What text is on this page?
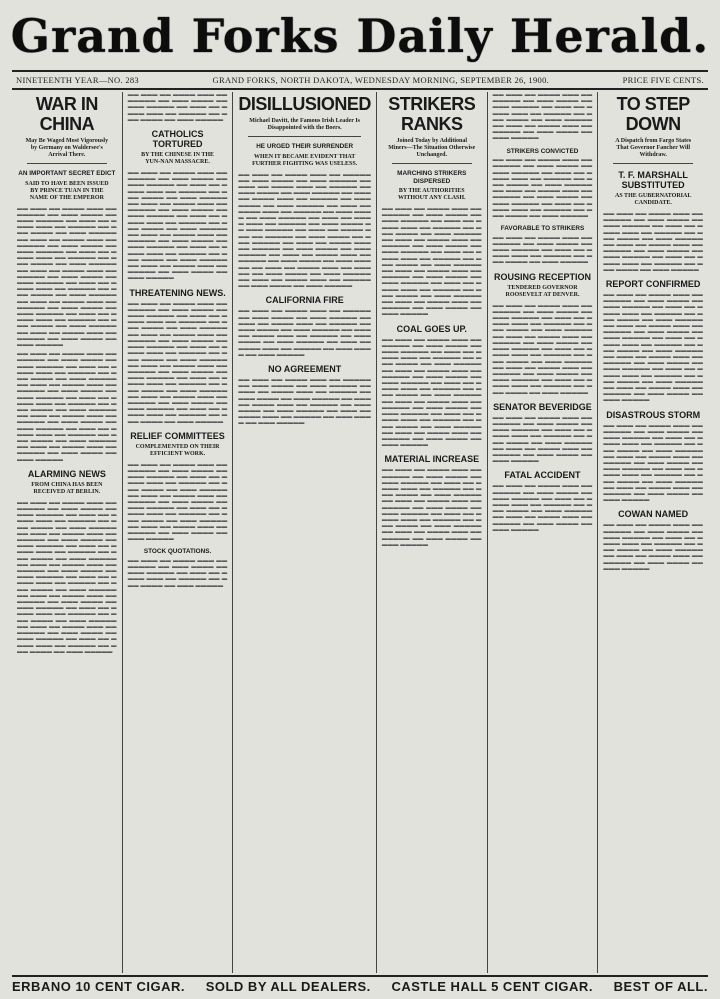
Grand Forks Daily Herald.
NINETEENTH YEAR—NO. 283	GRAND FORKS, NORTH DAKOTA, WEDNESDAY MORNING, SEPTEMBER 26, 1900.	PRICE FIVE CENTS.
WAR IN CHINA
May Be Waged Most Vigorously by Germany on Waldersee's Arrival There.
AN IMPORTANT SECRET EDICT
SAID TO HAVE BEEN ISSUED BY PRINCE TUAN IN THE NAME OF THE EMPEROR
▬▬ ▬▬▬ ▬▬ ▬▬▬▬ ▬▬▬ ▬▬ ▬▬▬▬▬ ▬▬ ▬▬▬ ▬▬▬▬ ▬▬ ▬▬▬ ▬▬▬▬▬ ▬▬ ▬▬▬ ▬▬ ▬▬▬▬ ▬▬▬ ▬▬ ▬▬▬▬▬ ▬▬ ▬▬▬ ▬▬▬▬ ▬▬ ▬▬▬ ▬▬▬▬▬ ▬▬ ▬▬▬ ▬▬ ▬▬▬▬ ▬▬▬ ▬▬ ▬▬▬▬▬ ▬▬ ▬▬▬ ▬▬▬▬ ▬▬ ▬▬▬ ▬▬▬▬▬ ▬▬ ▬▬▬ ▬▬ ▬▬▬▬ ▬▬▬ ▬▬ ▬▬▬▬▬ ▬▬ ▬▬▬ ▬▬▬▬ ▬▬ ▬▬▬ ▬▬▬▬▬ ▬▬ ▬▬▬ ▬▬ ▬▬▬▬ ▬▬▬ ▬▬ ▬▬▬▬▬ ▬▬ ▬▬▬ ▬▬▬▬ ▬▬ ▬▬▬ ▬▬▬▬▬ ▬▬ ▬▬▬ ▬▬ ▬▬▬▬ ▬▬▬ ▬▬ ▬▬▬▬▬ ▬▬ ▬▬▬ ▬▬▬▬ ▬▬ ▬▬▬ ▬▬▬▬▬ ▬▬ ▬▬▬ ▬▬ ▬▬▬▬ ▬▬▬ ▬▬ ▬▬▬▬▬ ▬▬ ▬▬▬ ▬▬▬▬ ▬▬ ▬▬▬ ▬▬▬▬▬ ▬▬ ▬▬▬ ▬▬ ▬▬▬▬ ▬▬▬ ▬▬ ▬▬▬▬▬ ▬▬ ▬▬▬ ▬▬▬▬ ▬▬ ▬▬▬ ▬▬▬▬▬ ▬▬ ▬▬▬ ▬▬ ▬▬▬▬ ▬▬▬ ▬▬ ▬▬▬▬▬ ▬▬ ▬▬▬ ▬▬▬▬ ▬▬ ▬▬▬ ▬▬▬▬▬
▬▬ ▬▬▬ ▬▬ ▬▬▬▬ ▬▬▬ ▬▬ ▬▬▬▬▬ ▬▬ ▬▬▬ ▬▬▬▬ ▬▬ ▬▬▬ ▬▬▬▬▬ ▬▬ ▬▬▬ ▬▬ ▬▬▬▬ ▬▬▬ ▬▬ ▬▬▬▬▬ ▬▬ ▬▬▬ ▬▬▬▬ ▬▬ ▬▬▬ ▬▬▬▬▬ ▬▬ ▬▬▬ ▬▬ ▬▬▬▬ ▬▬▬ ▬▬ ▬▬▬▬▬ ▬▬ ▬▬▬ ▬▬▬▬ ▬▬ ▬▬▬ ▬▬▬▬▬ ▬▬ ▬▬▬ ▬▬ ▬▬▬▬ ▬▬▬ ▬▬ ▬▬▬▬▬ ▬▬ ▬▬▬ ▬▬▬▬ ▬▬ ▬▬▬ ▬▬▬▬▬ ▬▬ ▬▬▬ ▬▬ ▬▬▬▬ ▬▬▬ ▬▬ ▬▬▬▬▬ ▬▬ ▬▬▬ ▬▬▬▬ ▬▬ ▬▬▬ ▬▬▬▬▬ ▬▬ ▬▬▬ ▬▬ ▬▬▬▬ ▬▬▬ ▬▬ ▬▬▬▬▬ ▬▬ ▬▬▬ ▬▬▬▬ ▬▬ ▬▬▬ ▬▬▬▬▬ ▬▬ ▬▬▬ ▬▬ ▬▬▬▬ ▬▬▬ ▬▬ ▬▬▬▬▬ ▬▬ ▬▬▬ ▬▬▬▬ ▬▬ ▬▬▬ ▬▬▬▬▬
ALARMING NEWS
FROM CHINA HAS BEEN RECEIVED AT BERLIN.
▬▬ ▬▬▬ ▬▬ ▬▬▬▬ ▬▬▬ ▬▬ ▬▬▬▬▬ ▬▬ ▬▬▬ ▬▬▬▬ ▬▬ ▬▬▬ ▬▬▬▬▬ ▬▬ ▬▬▬ ▬▬ ▬▬▬▬ ▬▬▬ ▬▬ ▬▬▬▬▬ ▬▬ ▬▬▬ ▬▬▬▬ ▬▬ ▬▬▬ ▬▬▬▬▬ ▬▬ ▬▬▬ ▬▬ ▬▬▬▬ ▬▬▬ ▬▬ ▬▬▬▬▬ ▬▬ ▬▬▬ ▬▬▬▬ ▬▬ ▬▬▬ ▬▬▬▬▬ ▬▬ ▬▬▬ ▬▬ ▬▬▬▬ ▬▬▬ ▬▬ ▬▬▬▬▬ ▬▬ ▬▬▬ ▬▬▬▬ ▬▬ ▬▬▬ ▬▬▬▬▬ ▬▬ ▬▬▬ ▬▬ ▬▬▬▬ ▬▬▬ ▬▬ ▬▬▬▬▬ ▬▬ ▬▬▬ ▬▬▬▬ ▬▬ ▬▬▬ ▬▬▬▬▬ ▬▬ ▬▬▬ ▬▬ ▬▬▬▬ ▬▬▬ ▬▬ ▬▬▬▬▬ ▬▬ ▬▬▬ ▬▬▬▬ ▬▬ ▬▬▬ ▬▬▬▬▬ ▬▬ ▬▬▬ ▬▬ ▬▬▬▬ ▬▬▬ ▬▬ ▬▬▬▬▬ ▬▬ ▬▬▬ ▬▬▬▬ ▬▬ ▬▬▬ ▬▬▬▬▬ ▬▬ ▬▬▬ ▬▬ ▬▬▬▬ ▬▬▬ ▬▬ ▬▬▬▬▬ ▬▬ ▬▬▬ ▬▬▬▬ ▬▬ ▬▬▬ ▬▬▬▬▬ ▬▬ ▬▬▬ ▬▬ ▬▬▬▬ ▬▬▬ ▬▬ ▬▬▬▬▬ ▬▬ ▬▬▬ ▬▬▬▬ ▬▬ ▬▬▬ ▬▬▬▬▬ ▬▬ ▬▬▬ ▬▬ ▬▬▬▬ ▬▬▬ ▬▬ ▬▬▬▬▬ ▬▬ ▬▬▬ ▬▬▬▬ ▬▬ ▬▬▬ ▬▬▬▬▬
▬▬ ▬▬▬ ▬▬ ▬▬▬▬ ▬▬▬ ▬▬ ▬▬▬▬▬ ▬▬ ▬▬▬ ▬▬▬▬ ▬▬ ▬▬▬ ▬▬▬▬▬ ▬▬ ▬▬▬ ▬▬ ▬▬▬▬ ▬▬▬ ▬▬ ▬▬▬▬▬ ▬▬ ▬▬▬ ▬▬▬▬ ▬▬ ▬▬▬ ▬▬▬▬▬
CATHOLICS TORTURED
BY THE CHINESE IN THE YUN-NAN MASSACRE.
▬▬ ▬▬▬ ▬▬ ▬▬▬▬ ▬▬▬ ▬▬ ▬▬▬▬▬ ▬▬ ▬▬▬ ▬▬▬▬ ▬▬ ▬▬▬ ▬▬▬▬▬ ▬▬ ▬▬▬ ▬▬ ▬▬▬▬ ▬▬▬ ▬▬ ▬▬▬▬▬ ▬▬ ▬▬▬ ▬▬▬▬ ▬▬ ▬▬▬ ▬▬▬▬▬ ▬▬ ▬▬▬ ▬▬ ▬▬▬▬ ▬▬▬ ▬▬ ▬▬▬▬▬ ▬▬ ▬▬▬ ▬▬▬▬ ▬▬ ▬▬▬ ▬▬▬▬▬ ▬▬ ▬▬▬ ▬▬ ▬▬▬▬ ▬▬▬ ▬▬ ▬▬▬▬▬ ▬▬ ▬▬▬ ▬▬▬▬ ▬▬ ▬▬▬ ▬▬▬▬▬ ▬▬ ▬▬▬ ▬▬ ▬▬▬▬ ▬▬▬ ▬▬ ▬▬▬▬▬ ▬▬ ▬▬▬ ▬▬▬▬ ▬▬ ▬▬▬ ▬▬▬▬▬ ▬▬ ▬▬▬ ▬▬ ▬▬▬▬ ▬▬▬ ▬▬ ▬▬▬▬▬ ▬▬ ▬▬▬ ▬▬▬▬ ▬▬ ▬▬▬ ▬▬▬▬▬ ▬▬ ▬▬▬ ▬▬ ▬▬▬▬ ▬▬▬ ▬▬ ▬▬▬▬▬ ▬▬ ▬▬▬ ▬▬▬▬ ▬▬ ▬▬▬ ▬▬▬▬▬
THREATENING NEWS.
▬▬ ▬▬▬ ▬▬ ▬▬▬▬ ▬▬▬ ▬▬ ▬▬▬▬▬ ▬▬ ▬▬▬ ▬▬▬▬ ▬▬ ▬▬▬ ▬▬▬▬▬ ▬▬ ▬▬▬ ▬▬ ▬▬▬▬ ▬▬▬ ▬▬ ▬▬▬▬▬ ▬▬ ▬▬▬ ▬▬▬▬ ▬▬ ▬▬▬ ▬▬▬▬▬ ▬▬ ▬▬▬ ▬▬ ▬▬▬▬ ▬▬▬ ▬▬ ▬▬▬▬▬ ▬▬ ▬▬▬ ▬▬▬▬ ▬▬ ▬▬▬ ▬▬▬▬▬ ▬▬ ▬▬▬ ▬▬ ▬▬▬▬ ▬▬▬ ▬▬ ▬▬▬▬▬ ▬▬ ▬▬▬ ▬▬▬▬ ▬▬ ▬▬▬ ▬▬▬▬▬ ▬▬ ▬▬▬ ▬▬ ▬▬▬▬ ▬▬▬ ▬▬ ▬▬▬▬▬ ▬▬ ▬▬▬ ▬▬▬▬ ▬▬ ▬▬▬ ▬▬▬▬▬ ▬▬ ▬▬▬ ▬▬ ▬▬▬▬ ▬▬▬ ▬▬ ▬▬▬▬▬ ▬▬ ▬▬▬ ▬▬▬▬ ▬▬ ▬▬▬ ▬▬▬▬▬ ▬▬ ▬▬▬ ▬▬ ▬▬▬▬ ▬▬▬ ▬▬ ▬▬▬▬▬ ▬▬ ▬▬▬ ▬▬▬▬ ▬▬ ▬▬▬ ▬▬▬▬▬ ▬▬ ▬▬▬ ▬▬ ▬▬▬▬ ▬▬▬ ▬▬ ▬▬▬▬▬ ▬▬ ▬▬▬ ▬▬▬▬ ▬▬ ▬▬▬ ▬▬▬▬▬
RELIEF COMMITTEES
COMPLEMENTED ON THEIR EFFICIENT WORK.
▬▬ ▬▬▬ ▬▬ ▬▬▬▬ ▬▬▬ ▬▬ ▬▬▬▬▬ ▬▬ ▬▬▬ ▬▬▬▬ ▬▬ ▬▬▬ ▬▬▬▬▬ ▬▬ ▬▬▬ ▬▬ ▬▬▬▬ ▬▬▬ ▬▬ ▬▬▬▬▬ ▬▬ ▬▬▬ ▬▬▬▬ ▬▬ ▬▬▬ ▬▬▬▬▬ ▬▬ ▬▬▬ ▬▬ ▬▬▬▬ ▬▬▬ ▬▬ ▬▬▬▬▬ ▬▬ ▬▬▬ ▬▬▬▬ ▬▬ ▬▬▬ ▬▬▬▬▬ ▬▬ ▬▬▬ ▬▬ ▬▬▬▬ ▬▬▬ ▬▬ ▬▬▬▬▬ ▬▬ ▬▬▬ ▬▬▬▬ ▬▬ ▬▬▬ ▬▬▬▬▬ ▬▬ ▬▬▬ ▬▬ ▬▬▬▬ ▬▬▬ ▬▬ ▬▬▬▬▬ ▬▬ ▬▬▬ ▬▬▬▬ ▬▬ ▬▬▬ ▬▬▬▬▬
STOCK QUOTATIONS.
▬▬ ▬▬▬ ▬▬ ▬▬▬▬ ▬▬▬ ▬▬ ▬▬▬▬▬ ▬▬ ▬▬▬ ▬▬▬▬ ▬▬ ▬▬▬ ▬▬▬▬▬ ▬▬ ▬▬▬ ▬▬ ▬▬▬▬ ▬▬▬ ▬▬ ▬▬▬▬▬ ▬▬ ▬▬▬ ▬▬▬▬ ▬▬ ▬▬▬ ▬▬▬▬▬
DISILLUSIONED
Michael Davitt, the Famous Irish Leader Is Disappointed with the Boers.
HE URGED THEIR SURRENDER
WHEN IT BECAME EVIDENT THAT FURTHER FIGHTING WAS USELESS.
▬▬ ▬▬▬ ▬▬ ▬▬▬▬ ▬▬▬ ▬▬ ▬▬▬▬▬ ▬▬ ▬▬▬ ▬▬▬▬ ▬▬ ▬▬▬ ▬▬▬▬▬ ▬▬ ▬▬▬ ▬▬ ▬▬▬▬ ▬▬▬ ▬▬ ▬▬▬▬▬ ▬▬ ▬▬▬ ▬▬▬▬ ▬▬ ▬▬▬ ▬▬▬▬▬ ▬▬ ▬▬▬ ▬▬ ▬▬▬▬ ▬▬▬ ▬▬ ▬▬▬▬▬ ▬▬ ▬▬▬ ▬▬▬▬ ▬▬ ▬▬▬ ▬▬▬▬▬ ▬▬ ▬▬▬ ▬▬ ▬▬▬▬ ▬▬▬ ▬▬ ▬▬▬▬▬ ▬▬ ▬▬▬ ▬▬▬▬ ▬▬ ▬▬▬ ▬▬▬▬▬ ▬▬ ▬▬▬ ▬▬ ▬▬▬▬ ▬▬▬ ▬▬ ▬▬▬▬▬ ▬▬ ▬▬▬ ▬▬▬▬ ▬▬ ▬▬▬ ▬▬▬▬▬ ▬▬ ▬▬▬ ▬▬ ▬▬▬▬ ▬▬▬ ▬▬ ▬▬▬▬▬ ▬▬ ▬▬▬ ▬▬▬▬ ▬▬ ▬▬▬ ▬▬▬▬▬ ▬▬ ▬▬▬ ▬▬ ▬▬▬▬ ▬▬▬ ▬▬ ▬▬▬▬▬ ▬▬ ▬▬▬ ▬▬▬▬ ▬▬ ▬▬▬ ▬▬▬▬▬ ▬▬ ▬▬▬ ▬▬ ▬▬▬▬ ▬▬▬ ▬▬ ▬▬▬▬▬ ▬▬ ▬▬▬ ▬▬▬▬ ▬▬ ▬▬▬ ▬▬▬▬▬ ▬▬ ▬▬▬ ▬▬ ▬▬▬▬ ▬▬▬ ▬▬ ▬▬▬▬▬ ▬▬ ▬▬▬ ▬▬▬▬ ▬▬ ▬▬▬ ▬▬▬▬▬ ▬▬ ▬▬▬ ▬▬ ▬▬▬▬ ▬▬▬ ▬▬ ▬▬▬▬▬ ▬▬ ▬▬▬ ▬▬▬▬ ▬▬ ▬▬▬ ▬▬▬▬▬
CALIFORNIA FIRE
▬▬ ▬▬▬ ▬▬ ▬▬▬▬ ▬▬▬ ▬▬ ▬▬▬▬▬ ▬▬ ▬▬▬ ▬▬▬▬ ▬▬ ▬▬▬ ▬▬▬▬▬ ▬▬ ▬▬▬ ▬▬ ▬▬▬▬ ▬▬▬ ▬▬ ▬▬▬▬▬ ▬▬ ▬▬▬ ▬▬▬▬ ▬▬ ▬▬▬ ▬▬▬▬▬ ▬▬ ▬▬▬ ▬▬ ▬▬▬▬ ▬▬▬ ▬▬ ▬▬▬▬▬ ▬▬ ▬▬▬ ▬▬▬▬ ▬▬ ▬▬▬ ▬▬▬▬▬ ▬▬ ▬▬▬ ▬▬ ▬▬▬▬ ▬▬▬ ▬▬ ▬▬▬▬▬ ▬▬ ▬▬▬ ▬▬▬▬ ▬▬ ▬▬▬ ▬▬▬▬▬
NO AGREEMENT
▬▬ ▬▬▬ ▬▬ ▬▬▬▬ ▬▬▬ ▬▬ ▬▬▬▬▬ ▬▬ ▬▬▬ ▬▬▬▬ ▬▬ ▬▬▬ ▬▬▬▬▬ ▬▬ ▬▬▬ ▬▬ ▬▬▬▬ ▬▬▬ ▬▬ ▬▬▬▬▬ ▬▬ ▬▬▬ ▬▬▬▬ ▬▬ ▬▬▬ ▬▬▬▬▬ ▬▬ ▬▬▬ ▬▬ ▬▬▬▬ ▬▬▬ ▬▬ ▬▬▬▬▬ ▬▬ ▬▬▬ ▬▬▬▬ ▬▬ ▬▬▬ ▬▬▬▬▬ ▬▬ ▬▬▬ ▬▬ ▬▬▬▬ ▬▬▬ ▬▬ ▬▬▬▬▬ ▬▬ ▬▬▬ ▬▬▬▬ ▬▬ ▬▬▬ ▬▬▬▬▬
STRIKERS RANKS
Joined Today by Additional Miners—The Situation Otherwise Unchanged.
MARCHING STRIKERS DISPERSED
BY THE AUTHORITIES WITHOUT ANY CLASH.
▬▬ ▬▬▬ ▬▬ ▬▬▬▬ ▬▬▬ ▬▬ ▬▬▬▬▬ ▬▬ ▬▬▬ ▬▬▬▬ ▬▬ ▬▬▬ ▬▬▬▬▬ ▬▬ ▬▬▬ ▬▬ ▬▬▬▬ ▬▬▬ ▬▬ ▬▬▬▬▬ ▬▬ ▬▬▬ ▬▬▬▬ ▬▬ ▬▬▬ ▬▬▬▬▬ ▬▬ ▬▬▬ ▬▬ ▬▬▬▬ ▬▬▬ ▬▬ ▬▬▬▬▬ ▬▬ ▬▬▬ ▬▬▬▬ ▬▬ ▬▬▬ ▬▬▬▬▬ ▬▬ ▬▬▬ ▬▬ ▬▬▬▬ ▬▬▬ ▬▬ ▬▬▬▬▬ ▬▬ ▬▬▬ ▬▬▬▬ ▬▬ ▬▬▬ ▬▬▬▬▬ ▬▬ ▬▬▬ ▬▬ ▬▬▬▬ ▬▬▬ ▬▬ ▬▬▬▬▬ ▬▬ ▬▬▬ ▬▬▬▬ ▬▬ ▬▬▬ ▬▬▬▬▬ ▬▬ ▬▬▬ ▬▬ ▬▬▬▬ ▬▬▬ ▬▬ ▬▬▬▬▬ ▬▬ ▬▬▬ ▬▬▬▬ ▬▬ ▬▬▬ ▬▬▬▬▬ ▬▬ ▬▬▬ ▬▬ ▬▬▬▬ ▬▬▬ ▬▬ ▬▬▬▬▬ ▬▬ ▬▬▬ ▬▬▬▬ ▬▬ ▬▬▬ ▬▬▬▬▬
COAL GOES UP.
▬▬ ▬▬▬ ▬▬ ▬▬▬▬ ▬▬▬ ▬▬ ▬▬▬▬▬ ▬▬ ▬▬▬ ▬▬▬▬ ▬▬ ▬▬▬ ▬▬▬▬▬ ▬▬ ▬▬▬ ▬▬ ▬▬▬▬ ▬▬▬ ▬▬ ▬▬▬▬▬ ▬▬ ▬▬▬ ▬▬▬▬ ▬▬ ▬▬▬ ▬▬▬▬▬ ▬▬ ▬▬▬ ▬▬ ▬▬▬▬ ▬▬▬ ▬▬ ▬▬▬▬▬ ▬▬ ▬▬▬ ▬▬▬▬ ▬▬ ▬▬▬ ▬▬▬▬▬ ▬▬ ▬▬▬ ▬▬ ▬▬▬▬ ▬▬▬ ▬▬ ▬▬▬▬▬ ▬▬ ▬▬▬ ▬▬▬▬ ▬▬ ▬▬▬ ▬▬▬▬▬ ▬▬ ▬▬▬ ▬▬ ▬▬▬▬ ▬▬▬ ▬▬ ▬▬▬▬▬ ▬▬ ▬▬▬ ▬▬▬▬ ▬▬ ▬▬▬ ▬▬▬▬▬ ▬▬ ▬▬▬ ▬▬ ▬▬▬▬ ▬▬▬ ▬▬ ▬▬▬▬▬ ▬▬ ▬▬▬ ▬▬▬▬ ▬▬ ▬▬▬ ▬▬▬▬▬ ▬▬ ▬▬▬ ▬▬ ▬▬▬▬ ▬▬▬ ▬▬ ▬▬▬▬▬ ▬▬ ▬▬▬ ▬▬▬▬ ▬▬ ▬▬▬ ▬▬▬▬▬
MATERIAL INCREASE
▬▬ ▬▬▬ ▬▬ ▬▬▬▬ ▬▬▬ ▬▬ ▬▬▬▬▬ ▬▬ ▬▬▬ ▬▬▬▬ ▬▬ ▬▬▬ ▬▬▬▬▬ ▬▬ ▬▬▬ ▬▬ ▬▬▬▬ ▬▬▬ ▬▬ ▬▬▬▬▬ ▬▬ ▬▬▬ ▬▬▬▬ ▬▬ ▬▬▬ ▬▬▬▬▬ ▬▬ ▬▬▬ ▬▬ ▬▬▬▬ ▬▬▬ ▬▬ ▬▬▬▬▬ ▬▬ ▬▬▬ ▬▬▬▬ ▬▬ ▬▬▬ ▬▬▬▬▬ ▬▬ ▬▬▬ ▬▬ ▬▬▬▬ ▬▬▬ ▬▬ ▬▬▬▬▬ ▬▬ ▬▬▬ ▬▬▬▬ ▬▬ ▬▬▬ ▬▬▬▬▬ ▬▬ ▬▬▬ ▬▬ ▬▬▬▬ ▬▬▬ ▬▬ ▬▬▬▬▬ ▬▬ ▬▬▬ ▬▬▬▬ ▬▬ ▬▬▬ ▬▬▬▬▬
▬▬ ▬▬▬ ▬▬ ▬▬▬▬ ▬▬▬ ▬▬ ▬▬▬▬▬ ▬▬ ▬▬▬ ▬▬▬▬ ▬▬ ▬▬▬ ▬▬▬▬▬ ▬▬ ▬▬▬ ▬▬ ▬▬▬▬ ▬▬▬ ▬▬ ▬▬▬▬▬ ▬▬ ▬▬▬ ▬▬▬▬ ▬▬ ▬▬▬ ▬▬▬▬▬ ▬▬ ▬▬▬ ▬▬ ▬▬▬▬ ▬▬▬ ▬▬ ▬▬▬▬▬ ▬▬ ▬▬▬ ▬▬▬▬ ▬▬ ▬▬▬ ▬▬▬▬▬
STRIKERS CONVICTED
▬▬ ▬▬▬ ▬▬ ▬▬▬▬ ▬▬▬ ▬▬ ▬▬▬▬▬ ▬▬ ▬▬▬ ▬▬▬▬ ▬▬ ▬▬▬ ▬▬▬▬▬ ▬▬ ▬▬▬ ▬▬ ▬▬▬▬ ▬▬▬ ▬▬ ▬▬▬▬▬ ▬▬ ▬▬▬ ▬▬▬▬ ▬▬ ▬▬▬ ▬▬▬▬▬ ▬▬ ▬▬▬ ▬▬ ▬▬▬▬ ▬▬▬ ▬▬ ▬▬▬▬▬ ▬▬ ▬▬▬ ▬▬▬▬ ▬▬ ▬▬▬ ▬▬▬▬▬ ▬▬ ▬▬▬ ▬▬ ▬▬▬▬ ▬▬▬ ▬▬ ▬▬▬▬▬ ▬▬ ▬▬▬ ▬▬▬▬ ▬▬ ▬▬▬ ▬▬▬▬▬
FAVORABLE TO STRIKERS
▬▬ ▬▬▬ ▬▬ ▬▬▬▬ ▬▬▬ ▬▬ ▬▬▬▬▬ ▬▬ ▬▬▬ ▬▬▬▬ ▬▬ ▬▬▬ ▬▬▬▬▬ ▬▬ ▬▬▬ ▬▬ ▬▬▬▬ ▬▬▬ ▬▬ ▬▬▬▬▬ ▬▬ ▬▬▬ ▬▬▬▬ ▬▬ ▬▬▬ ▬▬▬▬▬
ROUSING RECEPTION
TENDERED GOVERNOR ROOSEVELT AT DENVER.
▬▬ ▬▬▬ ▬▬ ▬▬▬▬ ▬▬▬ ▬▬ ▬▬▬▬▬ ▬▬ ▬▬▬ ▬▬▬▬ ▬▬ ▬▬▬ ▬▬▬▬▬ ▬▬ ▬▬▬ ▬▬ ▬▬▬▬ ▬▬▬ ▬▬ ▬▬▬▬▬ ▬▬ ▬▬▬ ▬▬▬▬ ▬▬ ▬▬▬ ▬▬▬▬▬ ▬▬ ▬▬▬ ▬▬ ▬▬▬▬ ▬▬▬ ▬▬ ▬▬▬▬▬ ▬▬ ▬▬▬ ▬▬▬▬ ▬▬ ▬▬▬ ▬▬▬▬▬ ▬▬ ▬▬▬ ▬▬ ▬▬▬▬ ▬▬▬ ▬▬ ▬▬▬▬▬ ▬▬ ▬▬▬ ▬▬▬▬ ▬▬ ▬▬▬ ▬▬▬▬▬ ▬▬ ▬▬▬ ▬▬ ▬▬▬▬ ▬▬▬ ▬▬ ▬▬▬▬▬ ▬▬ ▬▬▬ ▬▬▬▬ ▬▬ ▬▬▬ ▬▬▬▬▬ ▬▬ ▬▬▬ ▬▬ ▬▬▬▬ ▬▬▬ ▬▬ ▬▬▬▬▬ ▬▬ ▬▬▬ ▬▬▬▬ ▬▬ ▬▬▬ ▬▬▬▬▬
SENATOR BEVERIDGE
▬▬ ▬▬▬ ▬▬ ▬▬▬▬ ▬▬▬ ▬▬ ▬▬▬▬▬ ▬▬ ▬▬▬ ▬▬▬▬ ▬▬ ▬▬▬ ▬▬▬▬▬ ▬▬ ▬▬▬ ▬▬ ▬▬▬▬ ▬▬▬ ▬▬ ▬▬▬▬▬ ▬▬ ▬▬▬ ▬▬▬▬ ▬▬ ▬▬▬ ▬▬▬▬▬ ▬▬ ▬▬▬ ▬▬ ▬▬▬▬ ▬▬▬ ▬▬ ▬▬▬▬▬ ▬▬ ▬▬▬ ▬▬▬▬ ▬▬ ▬▬▬ ▬▬▬▬▬
FATAL ACCIDENT
▬▬ ▬▬▬ ▬▬ ▬▬▬▬ ▬▬▬ ▬▬ ▬▬▬▬▬ ▬▬ ▬▬▬ ▬▬▬▬ ▬▬ ▬▬▬ ▬▬▬▬▬ ▬▬ ▬▬▬ ▬▬ ▬▬▬▬ ▬▬▬ ▬▬ ▬▬▬▬▬ ▬▬ ▬▬▬ ▬▬▬▬ ▬▬ ▬▬▬ ▬▬▬▬▬ ▬▬ ▬▬▬ ▬▬ ▬▬▬▬ ▬▬▬ ▬▬ ▬▬▬▬▬ ▬▬ ▬▬▬ ▬▬▬▬ ▬▬ ▬▬▬ ▬▬▬▬▬
TO STEP DOWN
A Dispatch from Fargo States That Governor Fancher Will Withdraw.
T. F. MARSHALL SUBSTITUTED
AS THE GUBERNATORIAL CANDIDATE.
▬▬ ▬▬▬ ▬▬ ▬▬▬▬ ▬▬▬ ▬▬ ▬▬▬▬▬ ▬▬ ▬▬▬ ▬▬▬▬ ▬▬ ▬▬▬ ▬▬▬▬▬ ▬▬ ▬▬▬ ▬▬ ▬▬▬▬ ▬▬▬ ▬▬ ▬▬▬▬▬ ▬▬ ▬▬▬ ▬▬▬▬ ▬▬ ▬▬▬ ▬▬▬▬▬ ▬▬ ▬▬▬ ▬▬ ▬▬▬▬ ▬▬▬ ▬▬ ▬▬▬▬▬ ▬▬ ▬▬▬ ▬▬▬▬ ▬▬ ▬▬▬ ▬▬▬▬▬ ▬▬ ▬▬▬ ▬▬ ▬▬▬▬ ▬▬▬ ▬▬ ▬▬▬▬▬ ▬▬ ▬▬▬ ▬▬▬▬ ▬▬ ▬▬▬ ▬▬▬▬▬
REPORT CONFIRMED
▬▬ ▬▬▬ ▬▬ ▬▬▬▬ ▬▬▬ ▬▬ ▬▬▬▬▬ ▬▬ ▬▬▬ ▬▬▬▬ ▬▬ ▬▬▬ ▬▬▬▬▬ ▬▬ ▬▬▬ ▬▬ ▬▬▬▬ ▬▬▬ ▬▬ ▬▬▬▬▬ ▬▬ ▬▬▬ ▬▬▬▬ ▬▬ ▬▬▬ ▬▬▬▬▬ ▬▬ ▬▬▬ ▬▬ ▬▬▬▬ ▬▬▬ ▬▬ ▬▬▬▬▬ ▬▬ ▬▬▬ ▬▬▬▬ ▬▬ ▬▬▬ ▬▬▬▬▬ ▬▬ ▬▬▬ ▬▬ ▬▬▬▬ ▬▬▬ ▬▬ ▬▬▬▬▬ ▬▬ ▬▬▬ ▬▬▬▬ ▬▬ ▬▬▬ ▬▬▬▬▬ ▬▬ ▬▬▬ ▬▬ ▬▬▬▬ ▬▬▬ ▬▬ ▬▬▬▬▬ ▬▬ ▬▬▬ ▬▬▬▬ ▬▬ ▬▬▬ ▬▬▬▬▬ ▬▬ ▬▬▬ ▬▬ ▬▬▬▬ ▬▬▬ ▬▬ ▬▬▬▬▬ ▬▬ ▬▬▬ ▬▬▬▬ ▬▬ ▬▬▬ ▬▬▬▬▬ ▬▬ ▬▬▬ ▬▬ ▬▬▬▬ ▬▬▬ ▬▬ ▬▬▬▬▬ ▬▬ ▬▬▬ ▬▬▬▬ ▬▬ ▬▬▬ ▬▬▬▬▬
DISASTROUS STORM
▬▬ ▬▬▬ ▬▬ ▬▬▬▬ ▬▬▬ ▬▬ ▬▬▬▬▬ ▬▬ ▬▬▬ ▬▬▬▬ ▬▬ ▬▬▬ ▬▬▬▬▬ ▬▬ ▬▬▬ ▬▬ ▬▬▬▬ ▬▬▬ ▬▬ ▬▬▬▬▬ ▬▬ ▬▬▬ ▬▬▬▬ ▬▬ ▬▬▬ ▬▬▬▬▬ ▬▬ ▬▬▬ ▬▬ ▬▬▬▬ ▬▬▬ ▬▬ ▬▬▬▬▬ ▬▬ ▬▬▬ ▬▬▬▬ ▬▬ ▬▬▬ ▬▬▬▬▬ ▬▬ ▬▬▬ ▬▬ ▬▬▬▬ ▬▬▬ ▬▬ ▬▬▬▬▬ ▬▬ ▬▬▬ ▬▬▬▬ ▬▬ ▬▬▬ ▬▬▬▬▬ ▬▬ ▬▬▬ ▬▬ ▬▬▬▬ ▬▬▬ ▬▬ ▬▬▬▬▬ ▬▬ ▬▬▬ ▬▬▬▬ ▬▬ ▬▬▬ ▬▬▬▬▬
COWAN NAMED
▬▬ ▬▬▬ ▬▬ ▬▬▬▬ ▬▬▬ ▬▬ ▬▬▬▬▬ ▬▬ ▬▬▬ ▬▬▬▬ ▬▬ ▬▬▬ ▬▬▬▬▬ ▬▬ ▬▬▬ ▬▬ ▬▬▬▬ ▬▬▬ ▬▬ ▬▬▬▬▬ ▬▬ ▬▬▬ ▬▬▬▬ ▬▬ ▬▬▬ ▬▬▬▬▬ ▬▬ ▬▬▬ ▬▬ ▬▬▬▬ ▬▬▬ ▬▬ ▬▬▬▬▬ ▬▬ ▬▬▬ ▬▬▬▬ ▬▬ ▬▬▬ ▬▬▬▬▬
ERBANO 10 CENT CIGAR. SOLD BY ALL DEALERS. CASTLE HALL 5 CENT CIGAR. BEST OF ALL.
